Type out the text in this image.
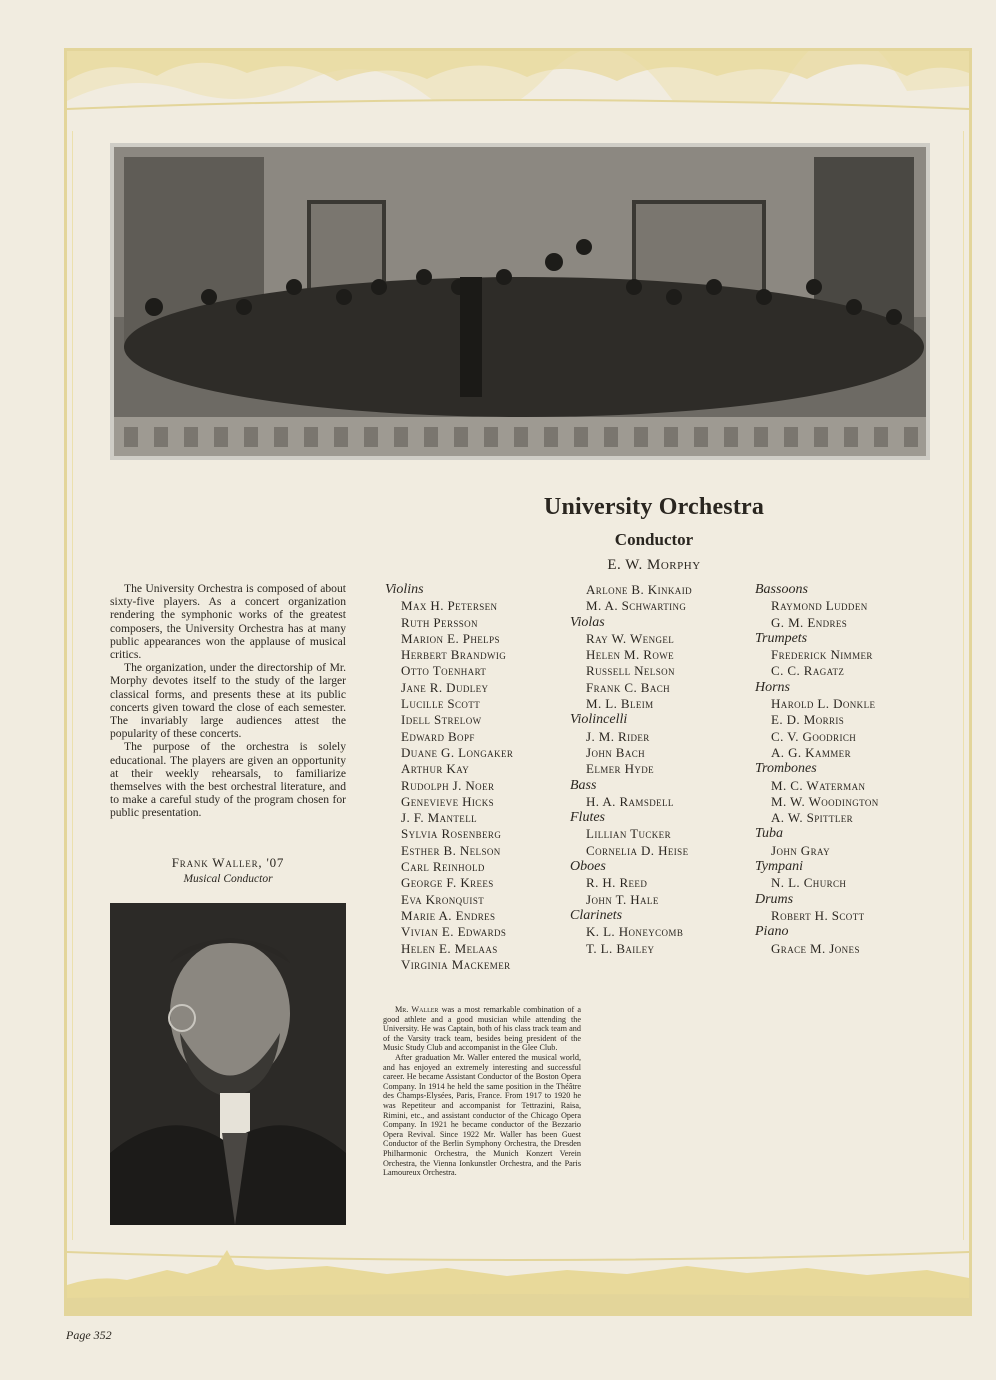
University Orchestra
Conductor
E. W. Morphy

The University Orchestra is composed of about sixty-five players. As a concert organization rendering the symphonic works of the greatest composers, the University Orchestra has at many public appearances won the applause of musical critics.

The organization, under the directorship of Mr. Morphy devotes itself to the study of the larger classical forms, and presents these at its public concerts given toward the close of each semester. The invariably large audiences attest the popularity of these concerts.

The purpose of the orchestra is solely educational. The players are given an opportunity at their weekly rehearsals, to familiarize themselves with the best orchestral literature, and to make a careful study of the program chosen for public presentation.

Frank Waller, '07
Musical Conductor
Violins
Max H. Petersen
Ruth Persson
Marion E. Phelps
Herbert Brandwig
Otto Toenhart
Jane R. Dudley
Lucille Scott
Idell Strelow
Edward Bopf
Duane G. Longaker
Arthur Kay
Rudolph J. Noer
Genevieve Hicks
J. F. Mantell
Sylvia Rosenberg
Esther B. Nelson
Carl Reinhold
George F. Krees
Eva Kronquist
Marie A. Endres
Vivian E. Edwards
Helen E. Melaas
Virginia Mackemer
Arlone B. Kinkaid
M. A. Schwarting
Violas
Ray W. Wengel
Helen M. Rowe
Russell Nelson
Frank C. Bach
M. L. Bleim
Violincelli
J. M. Rider
John Bach
Elmer Hyde
Bass
H. A. Ramsdell
Flutes
Lillian Tucker
Cornelia D. Heise
Oboes
R. H. Reed
John T. Hale
Clarinets
K. L. Honeycomb
T. L. Bailey
Bassoons
Raymond Ludden
G. M. Endres
Trumpets
Frederick Nimmer
C. C. Ragatz
Horns
Harold L. Donkle
E. D. Morris
C. V. Goodrich
A. G. Kammer
Trombones
M. C. Waterman
M. W. Woodington
A. W. Spittler
Tuba
John Gray
Tympani
N. L. Church
Drums
Robert H. Scott
Piano
Grace M. Jones

Mr. Waller was a most remarkable combination of a good athlete and a good musician while attending the University. He was Captain, both of his class track team and of the Varsity track team, besides being president of the Music Study Club and accompanist in the Glee Club.

After graduation Mr. Waller entered the musical world, and has enjoyed an extremely interesting and successful career. He became Assistant Conductor of the Boston Opera Company. In 1914 he held the same position in the Théâtre des Champs-Elysées, Paris, France. From 1917 to 1920 he was Repetiteur and accompanist for Tettrazini, Raisa, Rimini, etc., and assistant conductor of the Chicago Opera Company. In 1921 he became conductor of the Bezzario Opera Revival. Since 1922 Mr. Waller has been Guest Conductor of the Berlin Symphony Orchestra, the Dresden Philharmonic Orchestra, the Munich Konzert Verein Orchestra, the Vienna Ionkunstler Orchestra, and the Paris Lamoureux Orchestra.

Page 352
